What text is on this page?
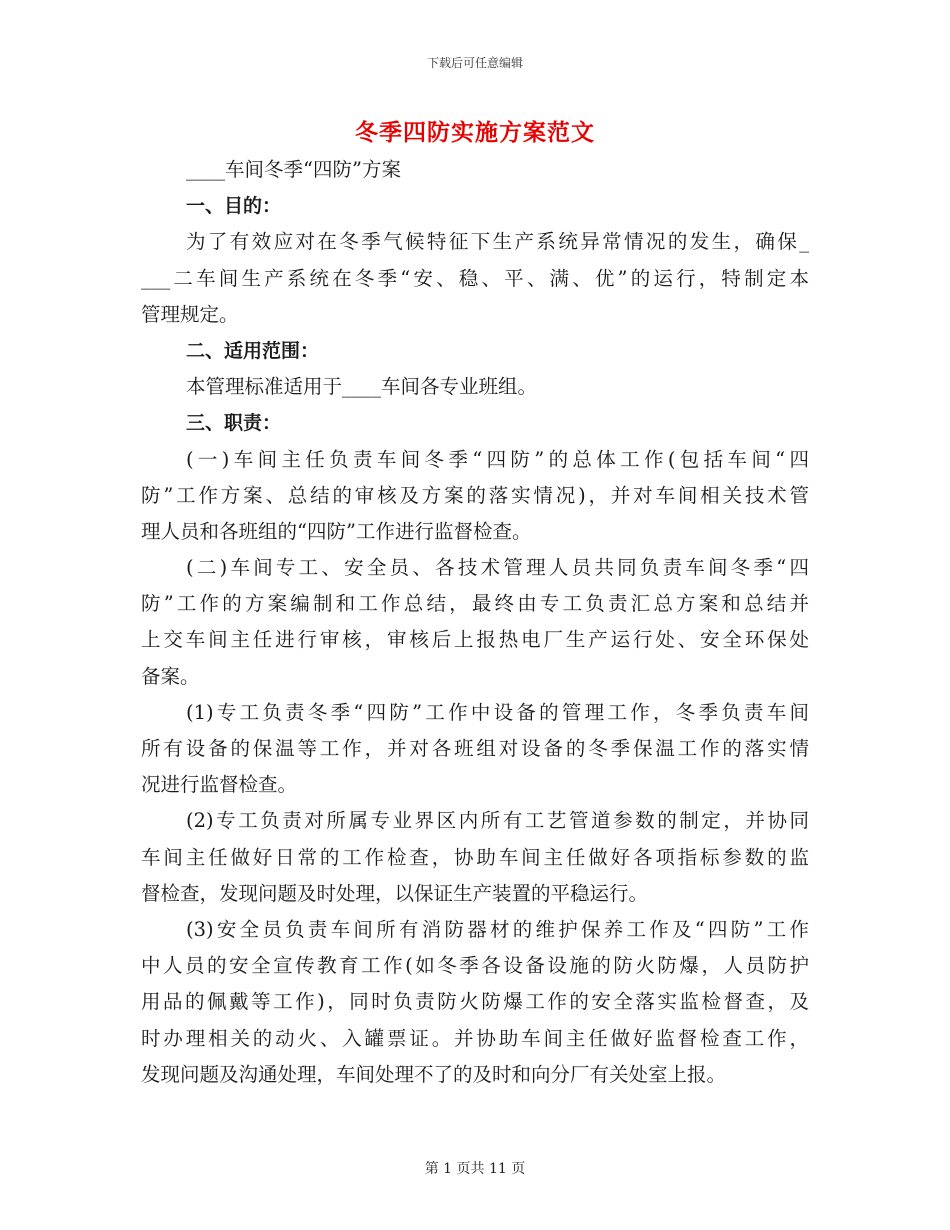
下载后可任意编辑
冬季四防实施方案范文
____车间冬季“四防”方案
一、目的：
为了有效应对在冬季气候特征下生产系统异常情况的发生，确保_
___二车间生产系统在冬季“安、稳、平、满、优”的运行，特制定本
管理规定。
二、适用范围：
本管理标准适用于____车间各专业班组。
三、职责：
(一)车间主任负责车间冬季“四防”的总体工作(包括车间“四
防”工作方案、总结的审核及方案的落实情况)，并对车间相关技术管
理人员和各班组的“四防”工作进行监督检查。
(二)车间专工、安全员、各技术管理人员共同负责车间冬季“四
防”工作的方案编制和工作总结，最终由专工负责汇总方案和总结并
上交车间主任进行审核，审核后上报热电厂生产运行处、安全环保处
备案。
(1)专工负责冬季“四防”工作中设备的管理工作，冬季负责车间
所有设备的保温等工作，并对各班组对设备的冬季保温工作的落实情
况进行监督检查。
(2)专工负责对所属专业界区内所有工艺管道参数的制定，并协同
车间主任做好日常的工作检查，协助车间主任做好各项指标参数的监
督检查，发现问题及时处理，以保证生产装置的平稳运行。
(3)安全员负责车间所有消防器材的维护保养工作及“四防”工作
中人员的安全宣传教育工作(如冬季各设备设施的防火防爆，人员防护
用品的佩戴等工作)，同时负责防火防爆工作的安全落实监检督查，及
时办理相关的动火、入罐票证。并协助车间主任做好监督检查工作，
发现问题及沟通处理，车间处理不了的及时和向分厂有关处室上报。
第 1 页共 11 页
